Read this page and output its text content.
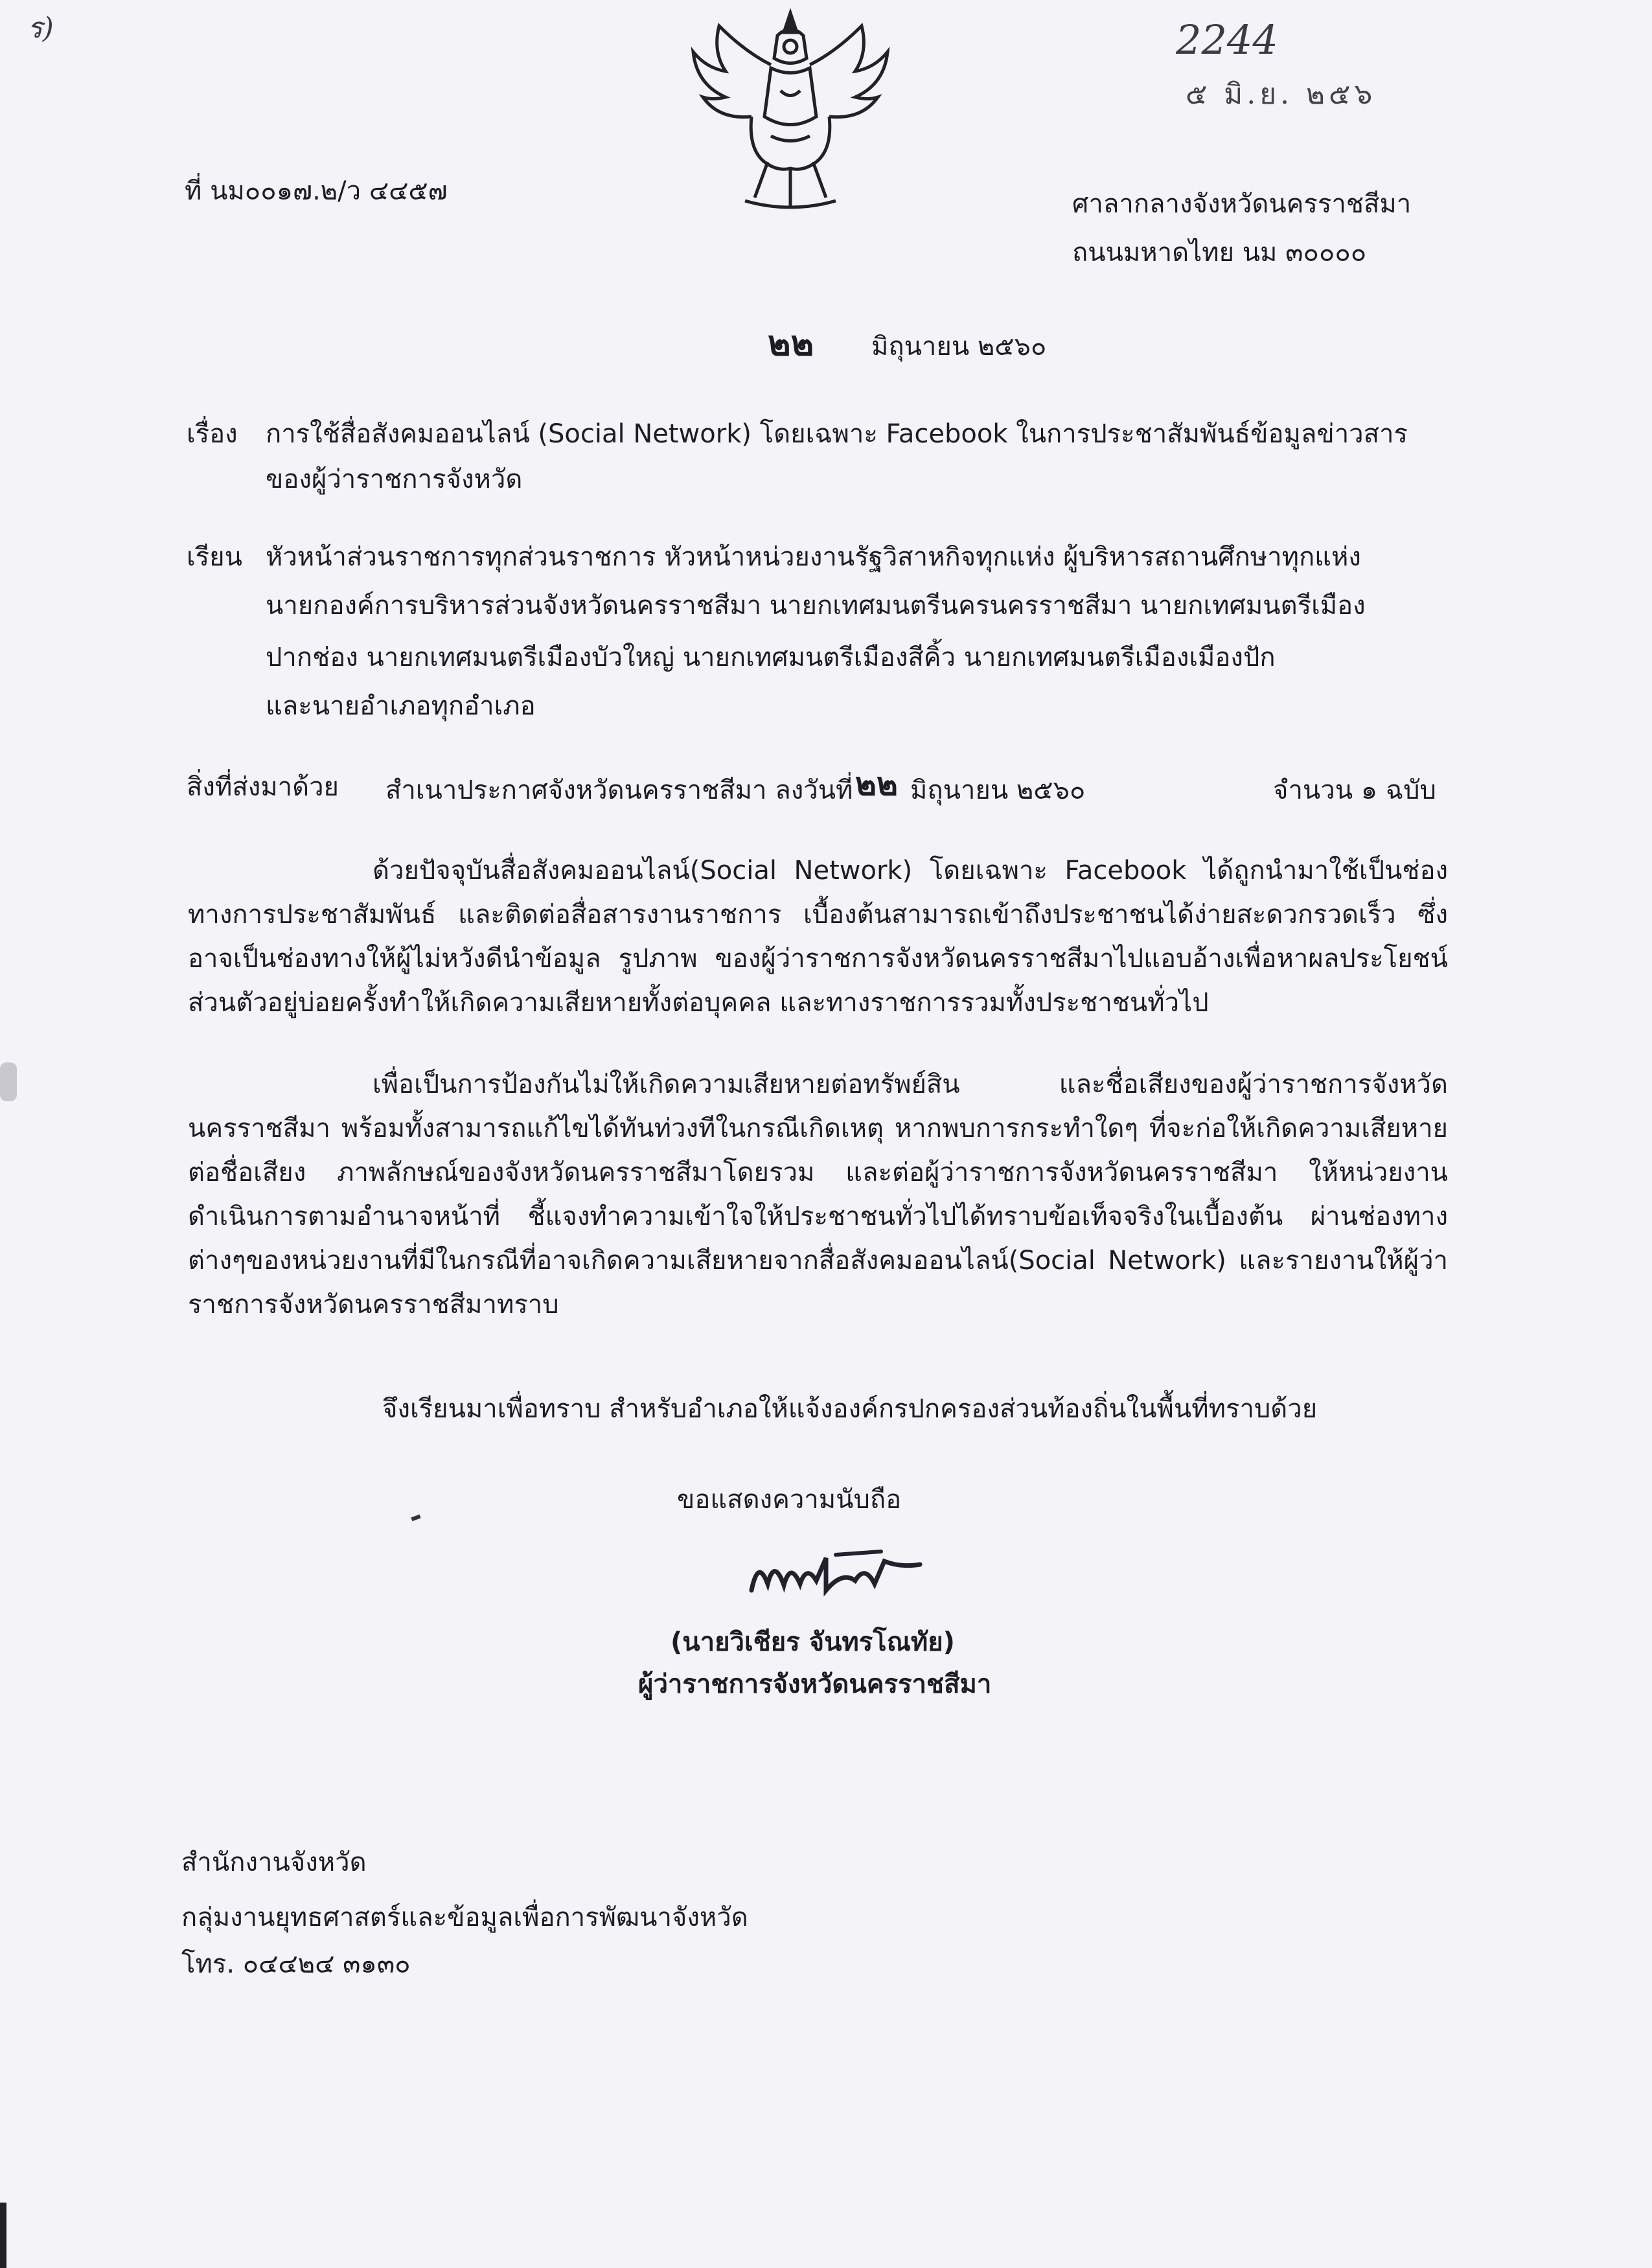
ร)	2244
๕ มิ.ย. ๒๕๖
ที่ นม๐๐๑๗.๒/ว ๔๔๕๗	ศาลากลางจังหวัดนครราชสีมา
ถนนมหาดไทย นม ๓๐๐๐๐
๒๒ มิถุนายน ๒๕๖๐
เรื่อง การใช้สื่อสังคมออนไลน์ (Social Network) โดยเฉพาะ Facebook ในการประชาสัมพันธ์ข้อมูลข่าวสาร
ของผู้ว่าราชการจังหวัด
เรียน หัวหน้าส่วนราชการทุกส่วนราชการ หัวหน้าหน่วยงานรัฐวิสาหกิจทุกแห่ง ผู้บริหารสถานศึกษาทุกแห่ง
นายกองค์การบริหารส่วนจังหวัดนครราชสีมา นายกเทศมนตรีนครนครราชสีมา นายกเทศมนตรีเมือง
ปากช่อง นายกเทศมนตรีเมืองบัวใหญ่ นายกเทศมนตรีเมืองสีคิ้ว นายกเทศมนตรีเมืองเมืองปัก
และนายอำเภอทุกอำเภอ
สิ่งที่ส่งมาด้วย สำเนาประกาศจังหวัดนครราชสีมา ลงวันที่ ๒๒ มิถุนายน ๒๕๖๐	จำนวน ๑ ฉบับ
ด้วยปัจจุบันสื่อสังคมออนไลน์(Social Network) โดยเฉพาะ Facebook ได้ถูกนำมาใช้เป็นช่องทางการประชาสัมพันธ์ และติดต่อสื่อสารงานราชการ เบื้องต้นสามารถเข้าถึงประชาชนได้ง่ายสะดวกรวดเร็ว ซึ่งอาจเป็นช่องทางให้ผู้ไม่หวังดีนำข้อมูล รูปภาพ ของผู้ว่าราชการจังหวัดนครราชสีมาไปแอบอ้างเพื่อหาผลประโยชน์ส่วนตัวอยู่บ่อยครั้งทำให้เกิดความเสียหายทั้งต่อบุคคล และทางราชการรวมทั้งประชาชนทั่วไป
เพื่อเป็นการป้องกันไม่ให้เกิดความเสียหายต่อทรัพย์สิน และชื่อเสียงของผู้ว่าราชการจังหวัดนครราชสีมา พร้อมทั้งสามารถแก้ไขได้ทันท่วงทีในกรณีเกิดเหตุ หากพบการกระทำใดๆ ที่จะก่อให้เกิดความเสียหายต่อชื่อเสียง ภาพลักษณ์ของจังหวัดนครราชสีมาโดยรวม และต่อผู้ว่าราชการจังหวัดนครราชสีมา ให้หน่วยงานดำเนินการตามอำนาจหน้าที่ ชี้แจงทำความเข้าใจให้ประชาชนทั่วไปได้ทราบข้อเท็จจริงในเบื้องต้น ผ่านช่องทางต่างๆของหน่วยงานที่มีในกรณีที่อาจเกิดความเสียหายจากสื่อสังคมออนไลน์(Social Network) และรายงานให้ผู้ว่าราชการจังหวัดนครราชสีมาทราบ
จึงเรียนมาเพื่อทราบ สำหรับอำเภอให้แจ้งองค์กรปกครองส่วนท้องถิ่นในพื้นที่ทราบด้วย
ขอแสดงความนับถือ
(นายวิเชียร จันทรโณทัย)
ผู้ว่าราชการจังหวัดนครราชสีมา
สำนักงานจังหวัด
กลุ่มงานยุทธศาสตร์และข้อมูลเพื่อการพัฒนาจังหวัด
โทร. ๐๔๔๒๔ ๓๑๓๐
